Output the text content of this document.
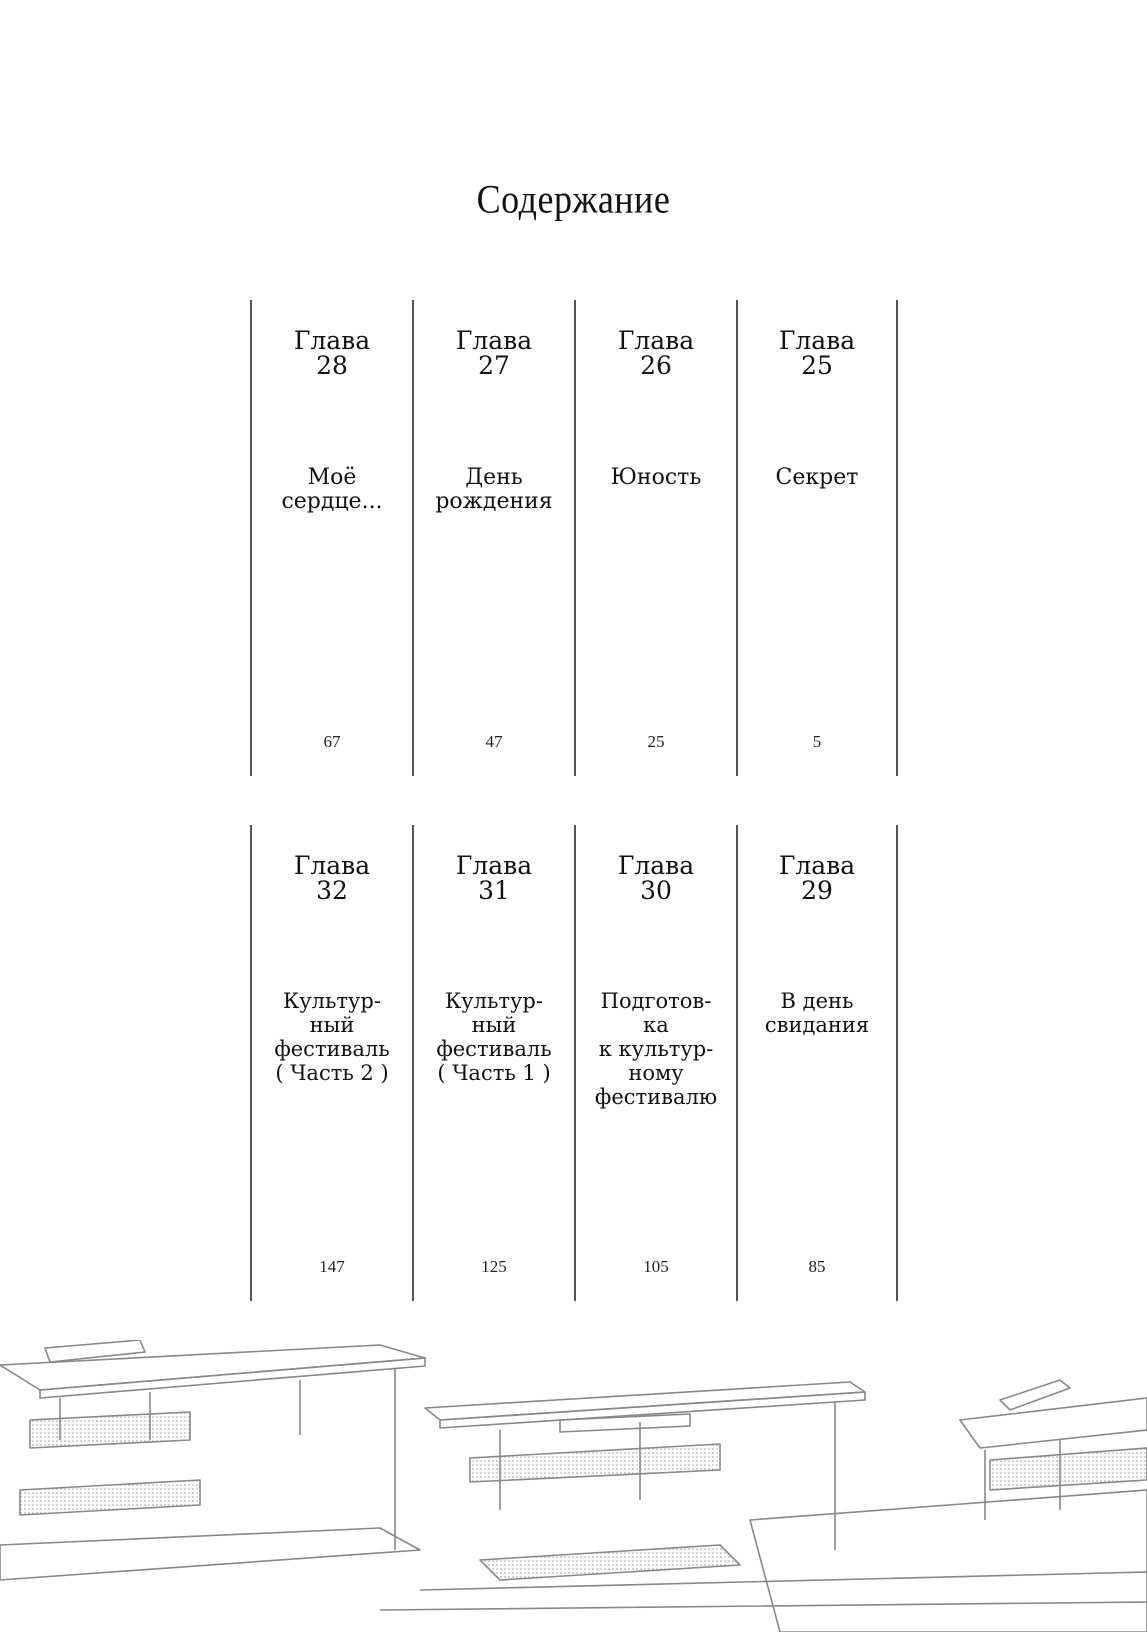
Содержание
Глава
28
Моё
сердце...
67
Глава
27
День
рождения
47
Глава
26
Юность
25
Глава
25
Секрет
5
Глава
32
Культур-
ный
фестиваль
( Часть 2 )
147
Глава
31
Культур-
ный
фестиваль
( Часть 1 )
125
Глава
30
Подготов-
ка
к культур-
ному
фестивалю
105
Глава
29
В день
свидания
85
